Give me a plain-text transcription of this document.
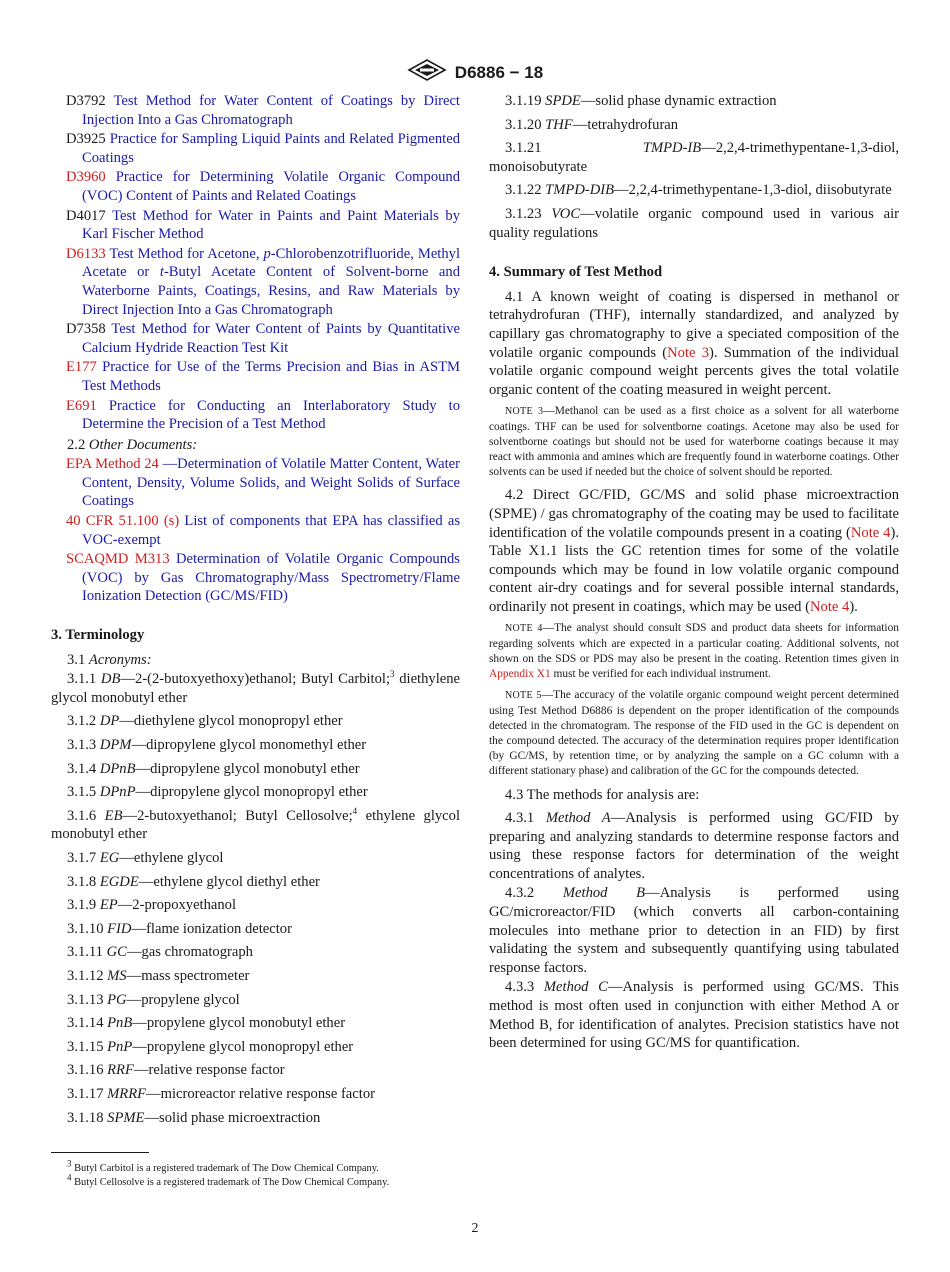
D6886 − 18

D3792 Test Method for Water Content of Coatings by Direct Injection Into a Gas Chromatograph

D3925 Practice for Sampling Liquid Paints and Related Pigmented Coatings

D3960 Practice for Determining Volatile Organic Compound (VOC) Content of Paints and Related Coatings

D4017 Test Method for Water in Paints and Paint Materials by Karl Fischer Method

D6133 Test Method for Acetone, p-Chlorobenzotrifluoride, Methyl Acetate or t-Butyl Acetate Content of Solvent-borne and Waterborne Paints, Coatings, Resins, and Raw Materials by Direct Injection Into a Gas Chromatograph

D7358 Test Method for Water Content of Paints by Quantitative Calcium Hydride Reaction Test Kit

E177 Practice for Use of the Terms Precision and Bias in ASTM Test Methods

E691 Practice for Conducting an Interlaboratory Study to Determine the Precision of a Test Method

2.2 Other Documents:

EPA Method 24 —Determination of Volatile Matter Content, Water Content, Density, Volume Solids, and Weight Solids of Surface Coatings

40 CFR 51.100 (s) List of components that EPA has classified as VOC-exempt

SCAQMD M313 Determination of Volatile Organic Compounds (VOC) by Gas Chromatography/Mass Spectrometry/Flame Ionization Detection (GC/MS/FID)

3. Terminology
3.1 Acronyms:

3.1.1 DB—2-(2-butoxyethoxy)ethanol; Butyl Carbitol;$^3$ diethylene glycol monobutyl ether

3.1.2 DP—diethylene glycol monopropyl ether

3.1.3 DPM—dipropylene glycol monomethyl ether

3.1.4 DPnB—dipropylene glycol monobutyl ether

3.1.5 DPnP—dipropylene glycol monopropyl ether

3.1.6 EB—2-butoxyethanol; Butyl Cellosolve;$^4$ ethylene glycol monobutyl ether

3.1.7 EG—ethylene glycol

3.1.8 EGDE—ethylene glycol diethyl ether

3.1.9 EP—2-propoxyethanol

3.1.10 FID—flame ionization detector

3.1.11 GC—gas chromatograph

3.1.12 MS—mass spectrometer

3.1.13 PG—propylene glycol

3.1.14 PnB—propylene glycol monobutyl ether

3.1.15 PnP—propylene glycol monopropyl ether

3.1.16 RRF—relative response factor

3.1.17 MRRF—microreactor relative response factor

3.1.18 SPME—solid phase microextraction

3.1.19 SPDE—solid phase dynamic extraction

3.1.20 THF—tetrahydrofuran

3.1.21	TMPD-IB—2,2,4-trimethypentane-1,3-diol, monoisobutyrate

3.1.22 TMPD-DIB—2,2,4-trimethypentane-1,3-diol, diisobutyrate

3.1.23 VOC—volatile organic compound used in various air quality regulations

4. Summary of Test Method

4.1 A known weight of coating is dispersed in methanol or tetrahydrofuran (THF), internally standardized, and analyzed by capillary gas chromatography to give a speciated composition of the volatile organic compounds (Note 3). Summation of the individual volatile organic compound weight percents gives the total volatile organic content of the coating measured in weight percent.

NOTE 3—Methanol can be used as a first choice as a solvent for all waterborne coatings. THF can be used for solventborne coatings. Acetone may also be used for solventborne coatings but should not be used for waterborne coatings because it may react with ammonia and amines which are frequently found in waterborne coatings. Other solvents can be used if needed but the choice of solvent should be reported.

4.2 Direct GC/FID, GC/MS and solid phase microextraction (SPME) / gas chromatography of the coating may be used to facilitate identification of the volatile compounds present in a coating (Note 4). Table X1.1 lists the GC retention times for some of the volatile compounds which may be found in low volatile organic compound content air-dry coatings and for several possible internal standards, ordinarily not present in coatings, which may be used (Note 4).

NOTE 4—The analyst should consult SDS and product data sheets for information regarding solvents which are expected in a particular coating. Additional solvents, not shown on the SDS or PDS may also be present in the coating. Retention times given in Appendix X1 must be verified for each individual instrument.

NOTE 5—The accuracy of the volatile organic compound weight percent determined using Test Method D6886 is dependent on the proper identification of the compounds detected in the chromatogram. The response of the FID used in the GC is dependent on the compound detected. The accuracy of the determination requires proper identification (by GC/MS, by retention time, or by analyzing the sample on a GC column with a different stationary phase) and calibration of the GC for the compounds detected.

4.3 The methods for analysis are:

4.3.1 Method A—Analysis is performed using GC/FID by preparing and analyzing standards to determine response factors and using these response factors for determination of the weight concentrations of analytes.

4.3.2 Method B—Analysis is performed using GC/microreactor/FID (which converts all carbon-containing molecules into methane prior to detection in an FID) by first validating the system and subsequently quantifying using tabulated response factors.

4.3.3 Method C—Analysis is performed using GC/MS. This method is most often used in conjunction with either Method A or Method B, for identification of analytes. Precision statistics have not been determined for using GC/MS for quantification.

$^3$ Butyl Carbitol is a registered trademark of The Dow Chemical Company.

$^4$ Butyl Cellosolve is a registered trademark of The Dow Chemical Company.

2
